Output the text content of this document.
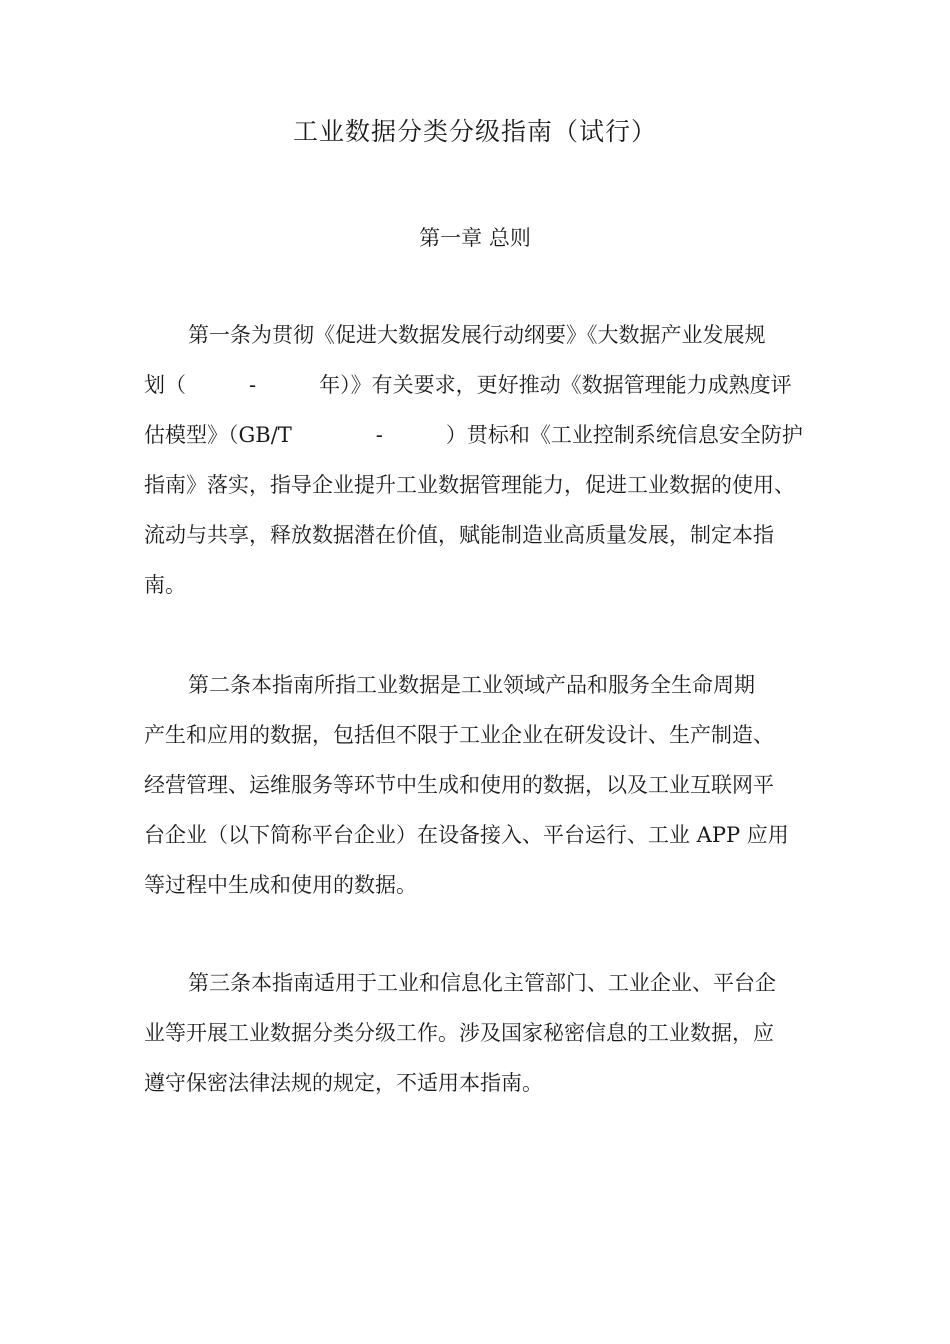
工业数据分类分级指南（试行）
第一章 总则
第一条为贯彻《促进大数据发展行动纲要》《大数据产业发展规
划（　　　-　　　年）》有关要求，更好推动《数据管理能力成熟度评
估模型》（GB/T　　　　-　　　）贯标和《工业控制系统信息安全防护
指南》落实，指导企业提升工业数据管理能力，促进工业数据的使用、
流动与共享，释放数据潜在价值，赋能制造业高质量发展，制定本指
南。
第二条本指南所指工业数据是工业领域产品和服务全生命周期
产生和应用的数据，包括但不限于工业企业在研发设计、生产制造、
经营管理、运维服务等环节中生成和使用的数据，以及工业互联网平
台企业（以下简称平台企业）在设备接入、平台运行、工业 APP 应用
等过程中生成和使用的数据。
第三条本指南适用于工业和信息化主管部门、工业企业、平台企
业等开展工业数据分类分级工作。涉及国家秘密信息的工业数据，应
遵守保密法律法规的规定，不适用本指南。
